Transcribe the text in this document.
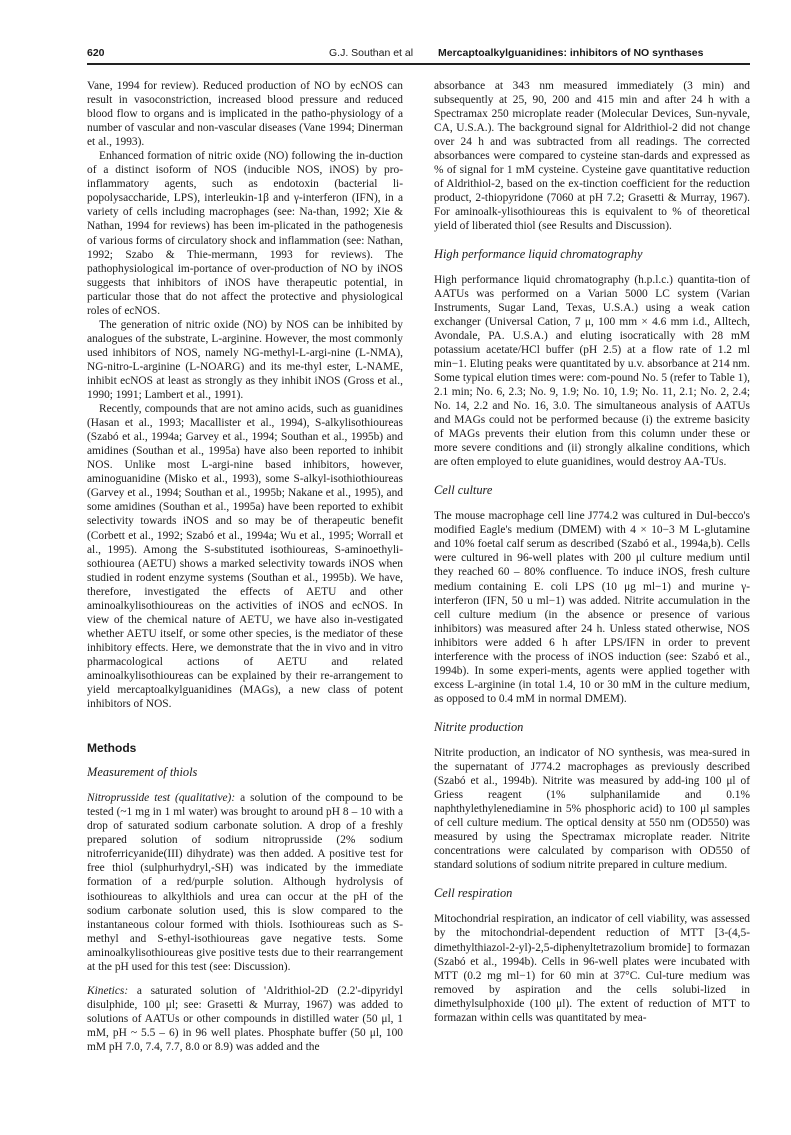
620	G.J. Southan et al Mercaptoalkylguanidines: inhibitors of NO synthases

Vane, 1994 for review). Reduced production of NO by ecNOS can result in vasoconstriction, increased blood pressure and reduced blood flow to organs and is implicated in the patho-physiology of a number of vascular and non-vascular diseases (Vane 1994; Dinerman et al., 1993).

Enhanced formation of nitric oxide (NO) following the in-duction of a distinct isoform of NOS (inducible NOS, iNOS) by pro-inflammatory agents, such as endotoxin (bacterial li-popolysaccharide, LPS), interleukin-1β and γ-interferon (IFN), in a variety of cells including macrophages (see: Na-than, 1992; Xie & Nathan, 1994 for reviews) has been im-plicated in the pathogenesis of various forms of circulatory shock and inflammation (see: Nathan, 1992; Szabo & Thie-mermann, 1993 for reviews). The pathophysiological im-portance of over-production of NO by iNOS suggests that inhibitors of iNOS have therapeutic potential, in particular those that do not affect the protective and physiological roles of ecNOS.

The generation of nitric oxide (NO) by NOS can be inhibited by analogues of the substrate, L-arginine. However, the most commonly used inhibitors of NOS, namely NG-methyl-L-argi-nine (L-NMA), NG-nitro-L-arginine (L-NOARG) and its me-thyl ester, L-NAME, inhibit ecNOS at least as strongly as they inhibit iNOS (Gross et al., 1990; 1991; Lambert et al., 1991).

Recently, compounds that are not amino acids, such as guanidines (Hasan et al., 1993; Macallister et al., 1994), S-alkylisothioureas (Szabó et al., 1994a; Garvey et al., 1994; Southan et al., 1995b) and amidines (Southan et al., 1995a) have also been reported to inhibit NOS. Unlike most L-argi-nine based inhibitors, however, aminoguanidine (Misko et al., 1993), some S-alkyl-isothiothioureas (Garvey et al., 1994; Southan et al., 1995b; Nakane et al., 1995), and some amidines (Southan et al., 1995a) have been reported to exhibit selectivity towards iNOS and so may be of therapeutic benefit (Corbett et al., 1992; Szabó et al., 1994a; Wu et al., 1995; Worrall et al., 1995). Among the S-substituted isothioureas, S-aminoethyli-sothiourea (AETU) shows a marked selectivity towards iNOS when studied in rodent enzyme systems (Southan et al., 1995b). We have, therefore, investigated the effects of AETU and other aminoalkylisothioureas on the activities of iNOS and ecNOS. In view of the chemical nature of AETU, we have also in-vestigated whether AETU itself, or some other species, is the mediator of these inhibitory effects. Here, we demonstrate that the in vivo and in vitro pharmacological actions of AETU and related aminoalkylisothioureas can be explained by their re-arrangement to yield mercaptoalkylguanidines (MAGs), a new class of potent inhibitors of NOS.

Methods
Measurement of thiols

Nitroprusside test (qualitative): a solution of the compound to be tested (~1 mg in 1 ml water) was brought to around pH 8 – 10 with a drop of saturated sodium carbonate solution. A drop of a freshly prepared solution of sodium nitroprusside (2% sodium nitroferricyanide(III) dihydrate) was then added. A positive test for free thiol (sulphurhydryl,-SH) was indicated by the immediate formation of a red/purple solution. Although hydrolysis of isothioureas to alkylthiols and urea can occur at the pH of the sodium carbonate solution used, this is slow compared to the instantaneous colour formed with thiols. Isothioureas such as S-methyl and S-ethyl-isothioureas gave negative tests. Some aminoalkylisothioureas give positive tests due to their rearrangement at the pH used for this test (see: Discussion).

Kinetics: a saturated solution of 'Aldrithiol-2D (2.2'-dipyridyl disulphide, 100 μl; see: Grasetti & Murray, 1967) was added to solutions of AATUs or other compounds in distilled water (50 μl, 1 mM, pH ~ 5.5 – 6) in 96 well plates. Phosphate buffer (50 μl, 100 mM pH 7.0, 7.4, 7.7, 8.0 or 8.9) was added and the

absorbance at 343 nm measured immediately (3 min) and subsequently at 25, 90, 200 and 415 min and after 24 h with a Spectramax 250 microplate reader (Molecular Devices, Sun-nyvale, CA, U.S.A.). The background signal for Aldrithiol-2 did not change over 24 h and was subtracted from all readings. The corrected absorbances were compared to cysteine stan-dards and expressed as % of signal for 1 mM cysteine. Cysteine gave quantitative reduction of Aldrithiol-2, based on the ex-tinction coefficient for the reduction product, 2-thiopyridone (7060 at pH 7.2; Grasetti & Murray, 1967). For aminoalk-ylisothioureas this is equivalent to % of theoretical yield of liberated thiol (see Results and Discussion).

High performance liquid chromatography

High performance liquid chromatography (h.p.l.c.) quantita-tion of AATUs was performed on a Varian 5000 LC system (Varian Instruments, Sugar Land, Texas, U.S.A.) using a weak cation exchanger (Universal Cation, 7 μ, 100 mm × 4.6 mm i.d., Alltech, Avondale, PA. U.S.A.) and eluting isocratically with 28 mM potassium acetate/HCl buffer (pH 2.5) at a flow rate of 1.2 ml min−1. Eluting peaks were quantitated by u.v. absorbance at 214 nm. Some typical elution times were: com-pound No. 5 (refer to Table 1), 2.1 min; No. 6, 2.3; No. 9, 1.9; No. 10, 1.9; No. 11, 2.1; No. 2, 2.4; No. 14, 2.2 and No. 16, 3.0. The simultaneous analysis of AATUs and MAGs could not be performed because (i) the extreme basicity of MAGs prevents their elution from this column under these or more severe conditions and (ii) strongly alkaline conditions, which are often employed to elute guanidines, would destroy AA-TUs.

Cell culture

The mouse macrophage cell line J774.2 was cultured in Dul-becco's modified Eagle's medium (DMEM) with 4 × 10−3 M L-glutamine and 10% foetal calf serum as described (Szabó et al., 1994a,b). Cells were cultured in 96-well plates with 200 μl culture medium until they reached 60 – 80% confluence. To induce iNOS, fresh culture medium containing E. coli LPS (10 μg ml−1) and murine γ-interferon (IFN, 50 u ml−1) was added. Nitrite accumulation in the cell culture medium (in the absence or presence of various inhibitors) was measured after 24 h. Unless stated otherwise, NOS inhibitors were added 6 h after LPS/IFN in order to prevent interference with the process of iNOS induction (see: Szabó et al., 1994b). In some experi-ments, agents were applied together with excess L-arginine (in total 1.4, 10 or 30 mM in the culture medium, as opposed to 0.4 mM in normal DMEM).

Nitrite production

Nitrite production, an indicator of NO synthesis, was mea-sured in the supernatant of J774.2 macrophages as previously described (Szabó et al., 1994b). Nitrite was measured by add-ing 100 μl of Griess reagent (1% sulphanilamide and 0.1% naphthylethylenediamine in 5% phosphoric acid) to 100 μl samples of cell culture medium. The optical density at 550 nm (OD550) was measured by using the Spectramax microplate reader. Nitrite concentrations were calculated by comparison with OD550 of standard solutions of sodium nitrite prepared in culture medium.

Cell respiration

Mitochondrial respiration, an indicator of cell viability, was assessed by the mitochondrial-dependent reduction of MTT [3-(4,5-dimethylthiazol-2-yl)-2,5-diphenyltetrazolium bromide] to formazan (Szabó et al., 1994b). Cells in 96-well plates were incubated with MTT (0.2 mg ml−1) for 60 min at 37°C. Cul-ture medium was removed by aspiration and the cells solubi-lized in dimethylsulphoxide (100 μl). The extent of reduction of MTT to formazan within cells was quantitated by mea-
